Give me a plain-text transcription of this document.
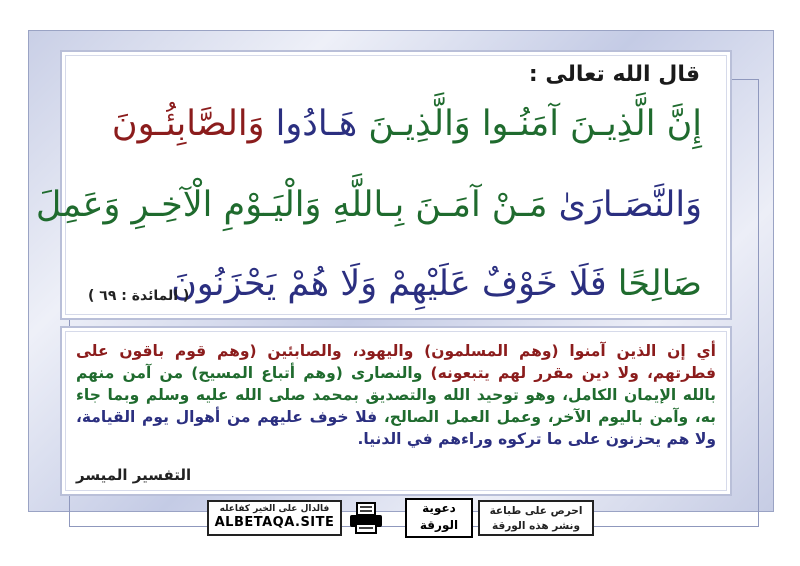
قال الله تعالى :
إِنَّ الَّذِيـنَ آمَنُـوا وَالَّذِيـنَ هَـادُوا وَالصَّابِئُـونَ
وَالنَّصَـارَىٰ مَـنْ آمَـنَ بِـاللَّهِ وَالْيَـوْمِ الْآخِـرِ وَعَمِلَ
صَالِحًا فَلَا خَوْفٌ عَلَيْهِمْ وَلَا هُمْ يَحْزَنُونَ
( المائدة : ٦٩ )
أي إن الذين آمنوا (وهم المسلمون) واليهود، والصابئين (وهم قوم باقون على فطرتهم، ولا دين مقرر لهم يتبعونه) والنصارى (وهم أتباع المسيح) من آمن منهم بالله الإيمان الكامل، وهو توحيد الله والتصديق بمحمد صلى الله عليه وسلم وبما جاء به، وآمن باليوم الآخر، وعمل العمل الصالح، فلا خوف عليهم من أهوال يوم القيامة، ولا هم يحزنون على ما تركوه وراءهم في الدنيا.
التفسير الميسر
فالدال على الخير كفاعله
ALBETAQA.SITE
دعوية
الورقة
احرص على طباعة
ونشر هذه الورقة
